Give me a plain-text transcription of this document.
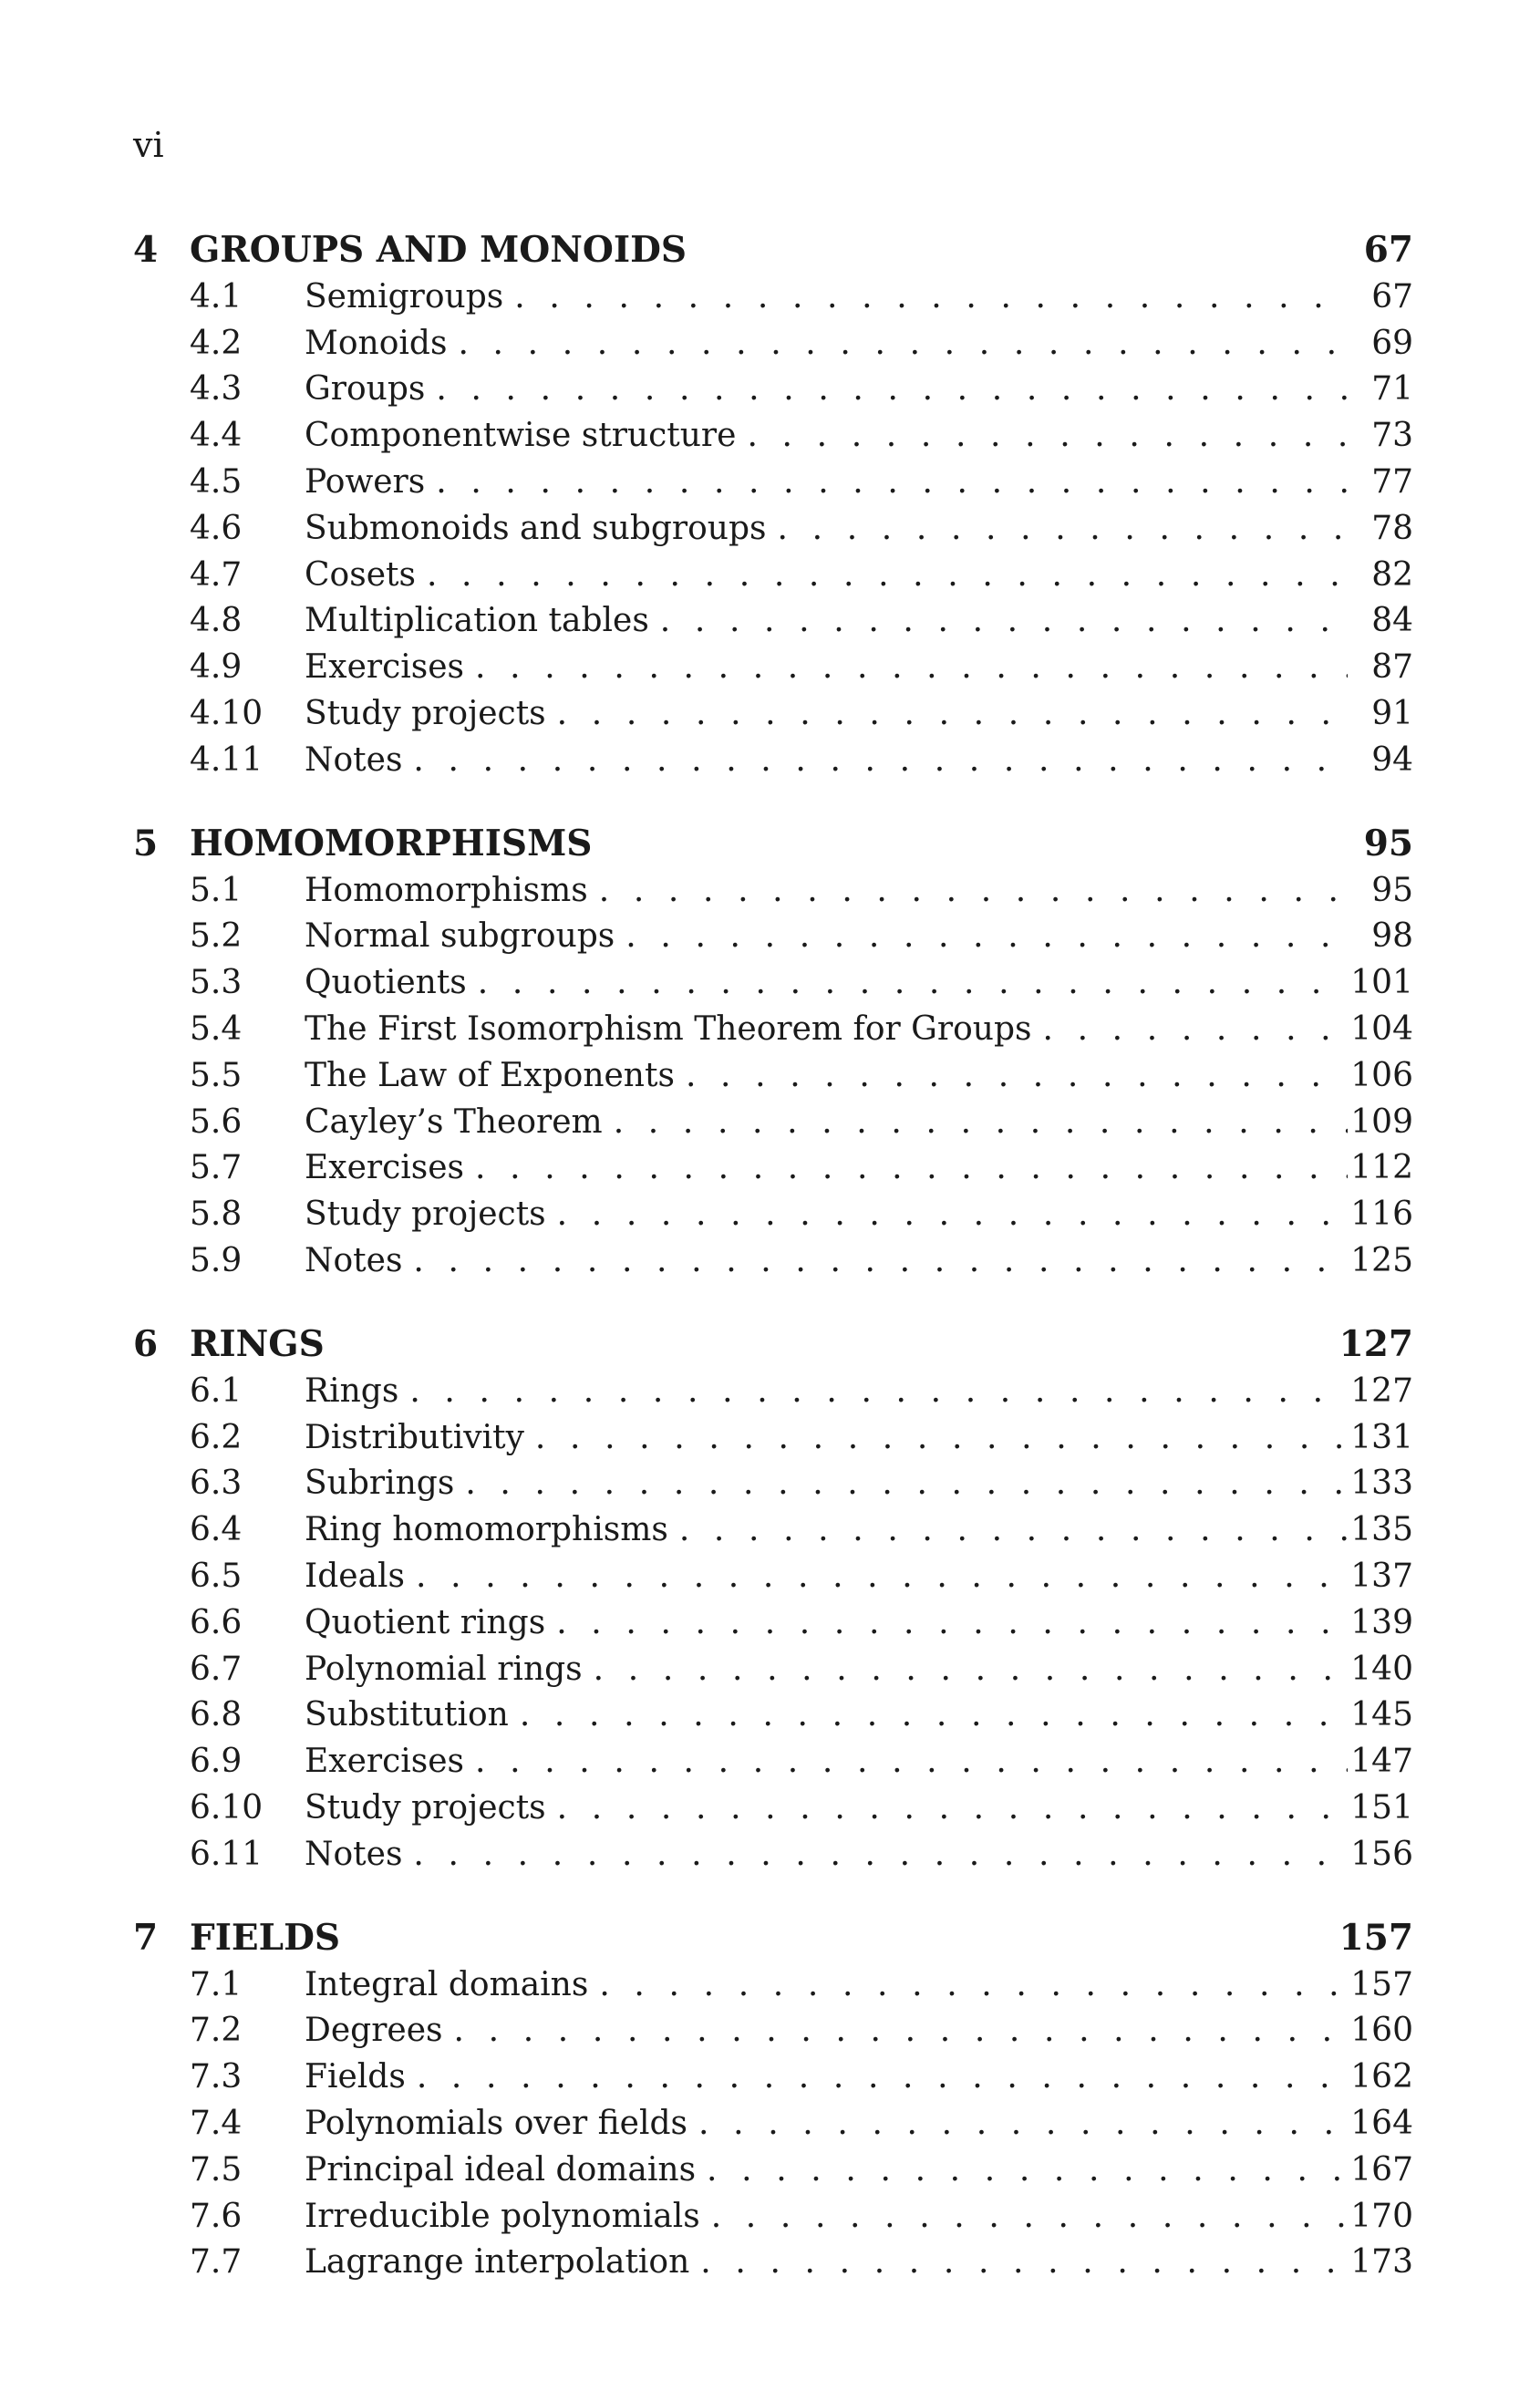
vi
4 GROUPS AND MONOIDS	67
4.1	Semigroups . . .	67
4.2	Monoids . . .	69
4.3	Groups . . .	71
4.4	Componentwise structure . . .	73
4.5	Powers . . .	77
4.6	Submonoids and subgroups . . .	78
4.7	Cosets . . .	82
4.8	Multiplication tables . . .	84
4.9	Exercises . . .	87
4.10	Study projects . . .	91
4.11	Notes . . .	94
5 HOMOMORPHISMS	95
5.1	Homomorphisms . . .	95
5.2	Normal subgroups . . .	98
5.3	Quotients . . .	101
5.4	The First Isomorphism Theorem for Groups . . .	104
5.5	The Law of Exponents . . .	106
5.6	Cayley’s Theorem . . .	109
5.7	Exercises . . .	112
5.8	Study projects . . .	116
5.9	Notes . . .	125
6 RINGS	127
6.1	Rings . . .	127
6.2	Distributivity . . .	131
6.3	Subrings . . .	133
6.4	Ring homomorphisms . . .	135
6.5	Ideals . . .	137
6.6	Quotient rings . . .	139
6.7	Polynomial rings . . .	140
6.8	Substitution . . .	145
6.9	Exercises . . .	147
6.10	Study projects . . .	151
6.11	Notes . . .	156
7 FIELDS	157
7.1	Integral domains . . .	157
7.2	Degrees . . .	160
7.3	Fields . . .	162
7.4	Polynomials over fields . . .	164
7.5	Principal ideal domains . . .	167
7.6	Irreducible polynomials . . .	170
7.7	Lagrange interpolation . . .	173
